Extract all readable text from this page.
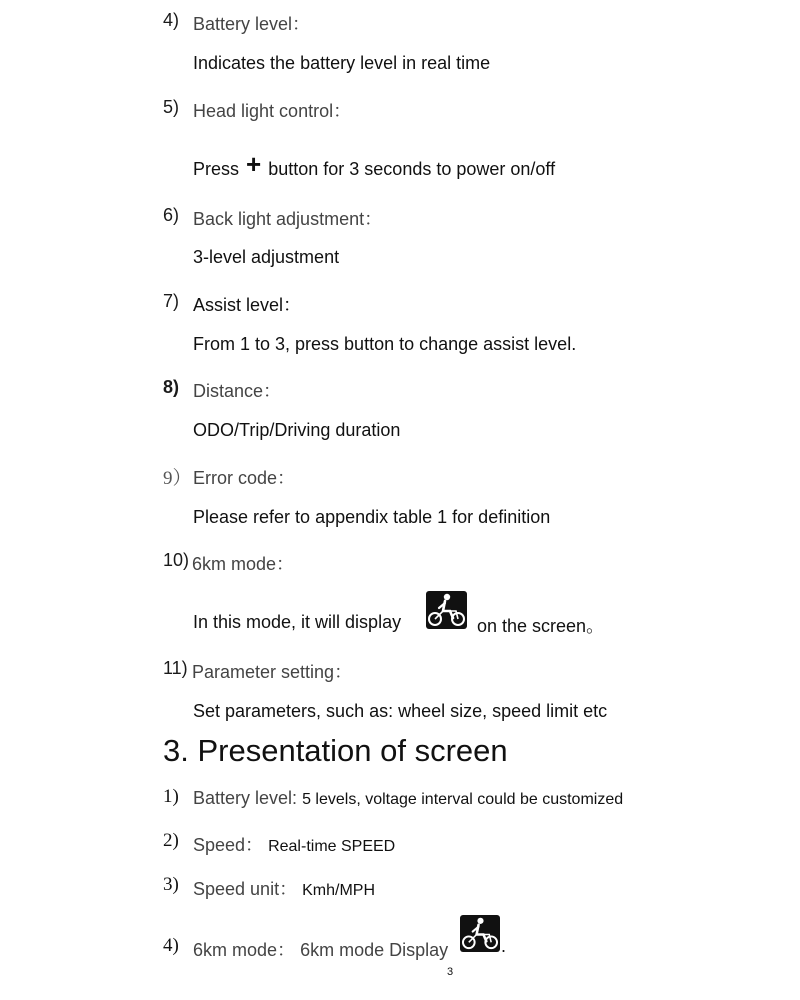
4) Battery level：
Indicates the battery level in real time
5) Head light control：
Press + button for 3 seconds to power on/off
6) Back light adjustment：
3-level adjustment
7) Assist level：
From 1 to 3, press button to change assist level.
8) Distance：
ODO/Trip/Driving duration
9） Error code：
Please refer to appendix table 1 for definition
10) 6km mode：
In this mode, it will display	on the screen。
11) Parameter setting：
Set parameters, such as: wheel size, speed limit etc
3. Presentation of screen
1) Battery level: 5 levels, voltage interval could be customized
2) Speed： Real-time SPEED
3) Speed unit： Kmh/MPH
4) 6km mode： 6km mode Display	.
3
